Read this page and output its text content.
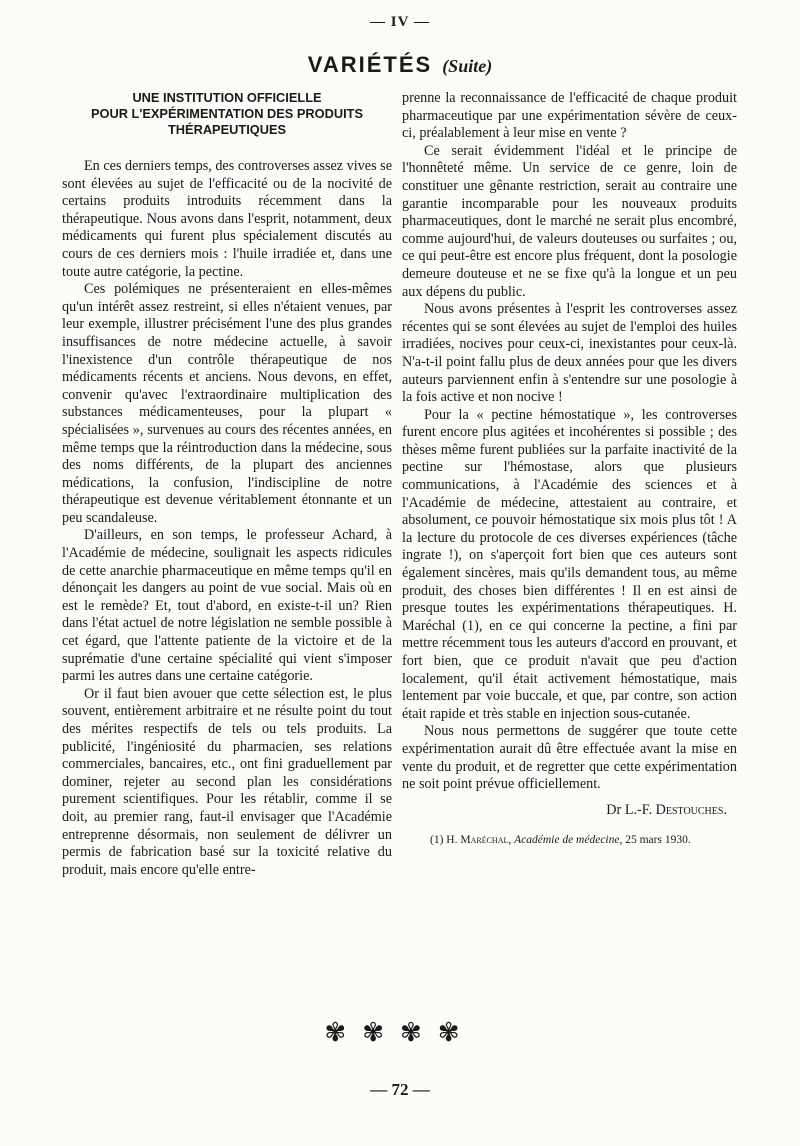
— IV —
VARIÉTÉS (Suite)
UNE INSTITUTION OFFICIELLE
POUR L'EXPÉRIMENTATION DES PRODUITS
THÉRAPEUTIQUES

En ces derniers temps, des controverses assez vives se sont élevées au sujet de l'efficacité ou de la nocivité de certains produits introduits récemment dans la thérapeutique. Nous avons dans l'esprit, notamment, deux médicaments qui furent plus spécialement discutés au cours de ces derniers mois : l'huile irradiée et, dans une toute autre catégorie, la pectine.

Ces polémiques ne présenteraient en elles-mêmes qu'un intérêt assez restreint, si elles n'étaient venues, par leur exemple, illustrer précisément l'une des plus grandes insuffisances de notre médecine actuelle, à savoir l'inexistence d'un contrôle thérapeutique de nos médicaments récents et anciens. Nous devons, en effet, convenir qu'avec l'extraordinaire multiplication des substances médicamenteuses, pour la plupart « spécialisées », survenues au cours des récentes années, en même temps que la réintroduction dans la médecine, sous des noms différents, de la plupart des anciennes médications, la confusion, l'indiscipline de notre thérapeutique est devenue véritablement étonnante et un peu scandaleuse.

D'ailleurs, en son temps, le professeur Achard, à l'Académie de médecine, soulignait les aspects ridicules de cette anarchie pharmaceutique en même temps qu'il en dénonçait les dangers au point de vue social. Mais où en est le remède? Et, tout d'abord, en existe-t-il un? Rien dans l'état actuel de notre législation ne semble possible à cet égard, que l'attente patiente de la victoire et de la suprématie d'une certaine spécialité qui vient s'imposer parmi les autres dans une certaine catégorie.

Or il faut bien avouer que cette sélection est, le plus souvent, entièrement arbitraire et ne résulte point du tout des mérites respectifs de tels ou tels produits. La publicité, l'ingéniosité du pharmacien, ses relations commerciales, bancaires, etc., ont fini graduellement par dominer, rejeter au second plan les considérations purement scientifiques. Pour les rétablir, comme il se doit, au premier rang, faut-il envisager que l'Académie entreprenne désormais, non seulement de délivrer un permis de fabrication basé sur la toxicité relative du produit, mais encore qu'elle entre-

prenne la reconnaissance de l'efficacité de chaque produit pharmaceutique par une expérimentation sévère de ceux-ci, préalablement à leur mise en vente ?

Ce serait évidemment l'idéal et le principe de l'honnêteté même. Un service de ce genre, loin de constituer une gênante restriction, serait au contraire une garantie incomparable pour les nouveaux produits pharmaceutiques, dont le marché ne serait plus encombré, comme aujourd'hui, de valeurs douteuses ou surfaites ; ou, ce qui peut-être est encore plus fréquent, dont la posologie demeure douteuse et ne se fixe qu'à la longue et un peu aux dépens du public.

Nous avons présentes à l'esprit les controverses assez récentes qui se sont élevées au sujet de l'emploi des huiles irradiées, nocives pour ceux-ci, inexistantes pour ceux-là. N'a-t-il point fallu plus de deux années pour que les divers auteurs parviennent enfin à s'entendre sur une posologie à la fois active et non nocive !

Pour la « pectine hémostatique », les controverses furent encore plus agitées et incohérentes si possible ; des thèses même furent publiées sur la parfaite inactivité de la pectine sur l'hémostase, alors que plusieurs communications, à l'Académie des sciences et à l'Académie de médecine, attestaient au contraire, et absolument, ce pouvoir hémostatique six mois plus tôt ! A la lecture du protocole de ces diverses expériences (tâche ingrate !), on s'aperçoit fort bien que ces auteurs sont également sincères, mais qu'ils demandent tous, au même produit, des choses bien différentes ! Il en est ainsi de presque toutes les expérimentations thérapeutiques. H. Maréchal (1), en ce qui concerne la pectine, a fini par mettre récemment tous les auteurs d'accord en prouvant, et fort bien, que ce produit n'avait que peu d'action localement, qu'il était activement hémostatique, mais lentement par voie buccale, et que, par contre, son action était rapide et très stable en injection sous-cutanée.

Nous nous permettons de suggérer que toute cette expérimentation aurait dû être effectuée avant la mise en vente du produit, et de regretter que cette expérimentation ne soit point prévue officiellement.

Dr L.-F. Destouches.

(1) H. Maréchal, Académie de médecine, 25 mars 1930.

✾✾✾✾
— 72 —
